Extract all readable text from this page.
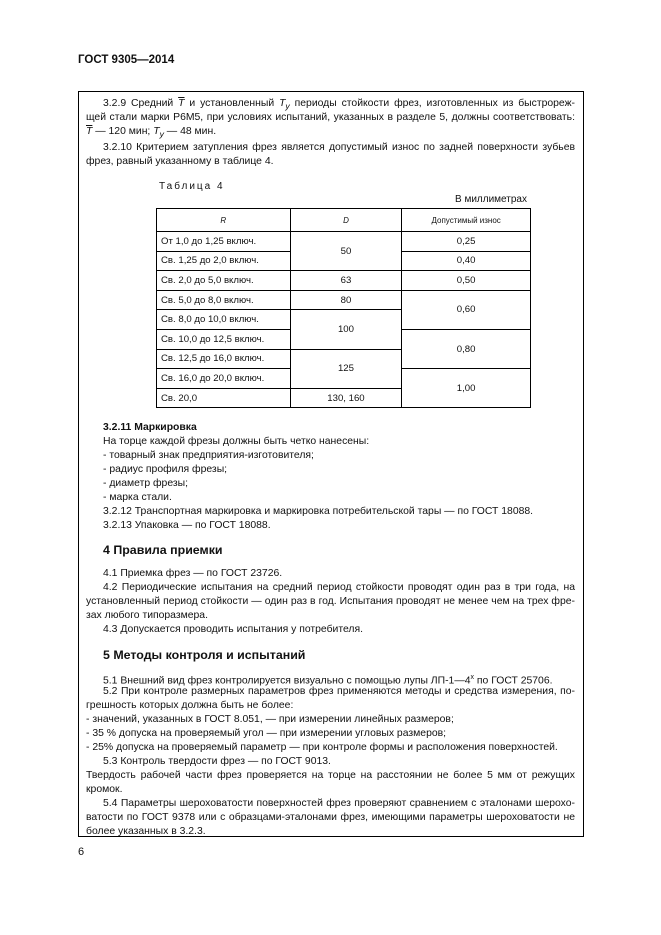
ГОСТ 9305—2014
3.2.9 Средний $\overline{T}$ и установленный $T_у$ периоды стойкости фрез, изготовленных из быстрореж-
щей стали марки Р6М5, при условиях испытаний, указанных в разделе 5, должны соответствовать:
$\overline{T}$ — 120 мин; $T_у$ — 48 мин.
3.2.10 Критерием затупления фрез является допустимый износ по задней поверхности зубьев
фрез, равный указанному в таблице 4.
Таблица 4
В миллиметрах
R	D	Допустимый износ
От 1,0 до 1,25 включ.	50	0,25
Св. 1,25 до 2,0 включ.		0,40
Св. 2,0 до 5,0 включ.	63	0,50
Св. 5,0 до 8,0 включ.	80	0,60
Св. 8,0 до 10,0 включ.	100	
Св. 10,0 до 12,5 включ.		0,80
Св. 12,5 до 16,0 включ.	125	
Св. 16,0 до 20,0 включ.		1,00
Св. 20,0	130, 160	
3.2.11 Маркировка
На торце каждой фрезы должны быть четко нанесены:
- товарный знак предприятия-изготовителя;
- радиус профиля фрезы;
- диаметр фрезы;
- марка стали.
3.2.12 Транспортная маркировка и маркировка потребительской тары — по ГОСТ 18088.
3.2.13 Упаковка — по ГОСТ 18088.
4 Правила приемки
4.1 Приемка фрез — по ГОСТ 23726.
4.2 Периодические испытания на средний период стойкости проводят один раз в три года, на
установленный период стойкости — один раз в год. Испытания проводят не менее чем на трех фре-
зах любого типоразмера.
4.3 Допускается проводить испытания у потребителя.
5 Методы контроля и испытаний
5.1 Внешний вид фрез контролируется визуально с помощью лупы $ЛП-1—4^х$ по ГОСТ 25706.
5.2 При контроле размерных параметров фрез применяются методы и средства измерения, по-
грешность которых должна быть не более:
- значений, указанных в ГОСТ 8.051, — при измерении линейных размеров;
- 35 % допуска на проверяемый угол — при измерении угловых размеров;
- 25% допуска на проверяемый параметр — при контроле формы и расположения поверхностей.
5.3 Контроль твердости фрез — по ГОСТ 9013.
Твердость рабочей части фрез проверяется на торце на расстоянии не более 5 мм от режущих
кромок.
5.4 Параметры шероховатости поверхностей фрез проверяют сравнением с эталонами шерохо-
ватости по ГОСТ 9378 или с образцами-эталонами фрез, имеющими параметры шероховатости не
более указанных в 3.2.3.
6
